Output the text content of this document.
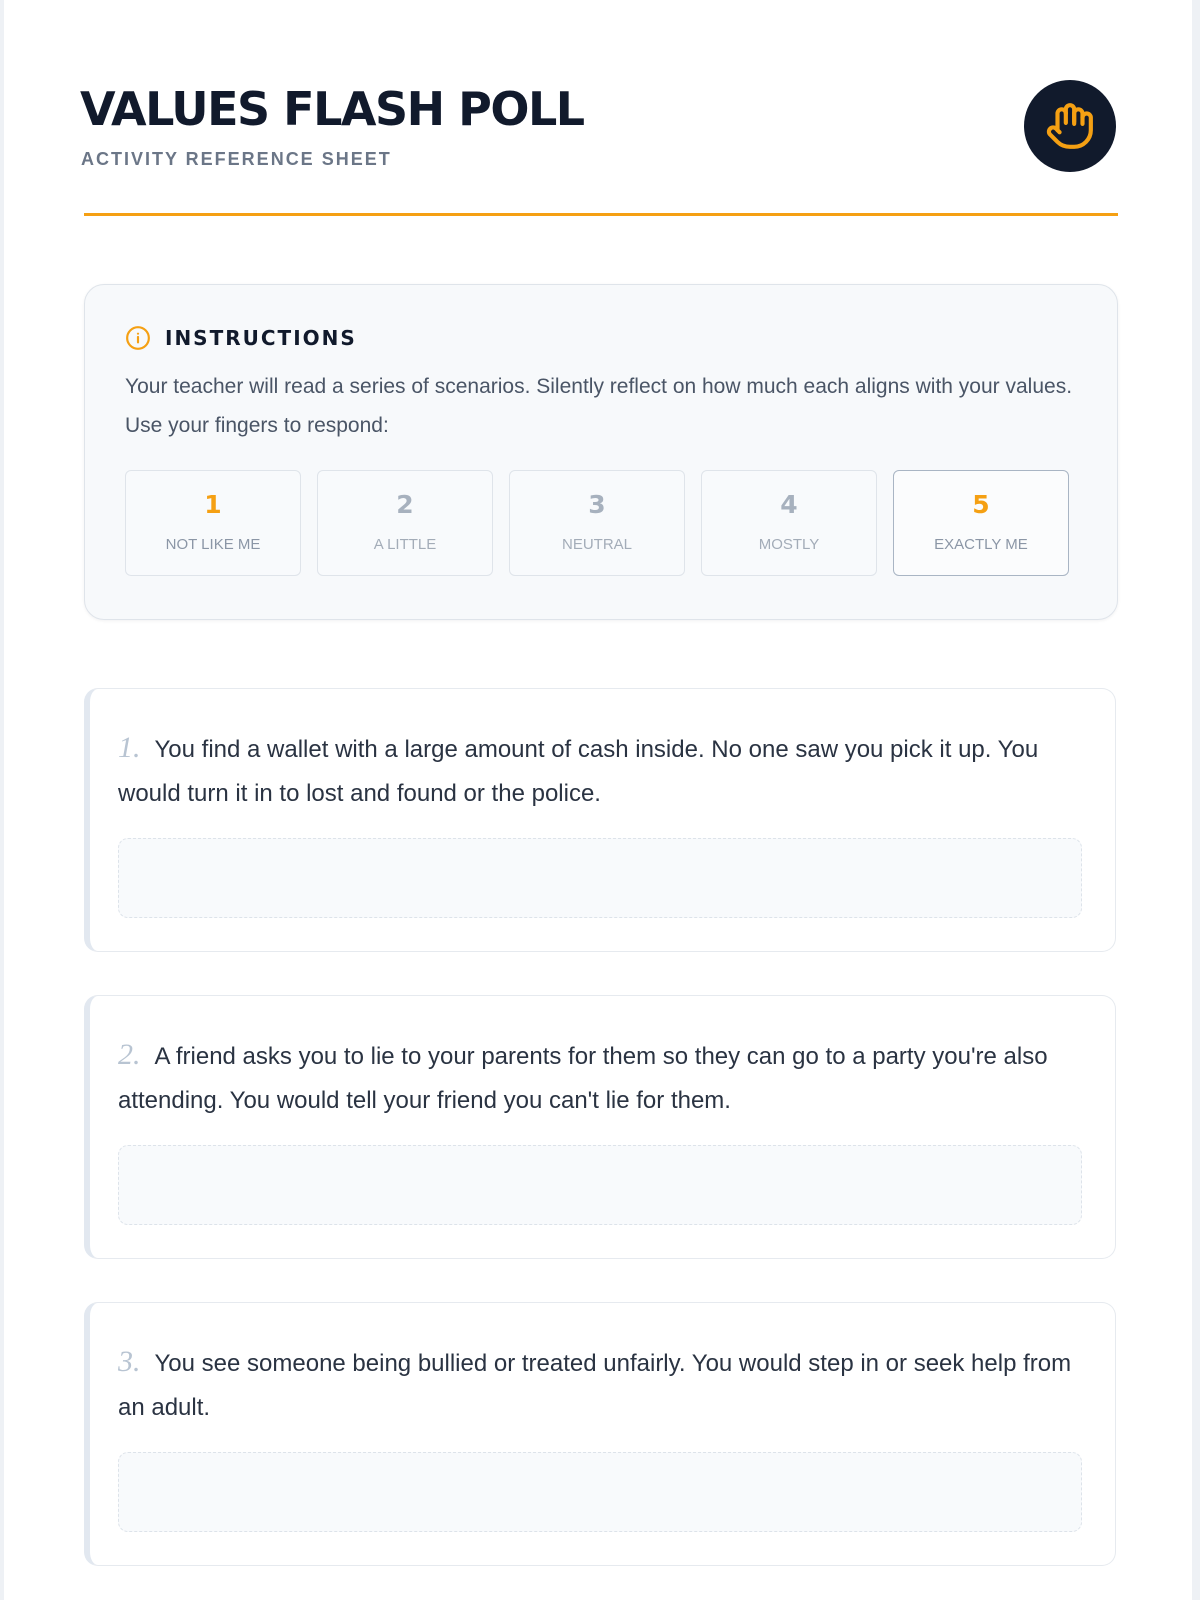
VALUES FLASH POLL
ACTIVITY REFERENCE SHEET
INSTRUCTIONS

Your teacher will read a series of scenarios. Silently reflect on how much each aligns with your values. Use your fingers to respond:

1
NOT LIKE ME
2
A LITTLE
3
NEUTRAL
4
MOSTLY
5
EXACTLY ME

1. You find a wallet with a large amount of cash inside. No one saw you pick it up. You would turn it in to lost and found or the police.

2. A friend asks you to lie to your parents for them so they can go to a party you're also attending. You would tell your friend you can't lie for them.

3. You see someone being bullied or treated unfairly. You would step in or seek help from an adult.
